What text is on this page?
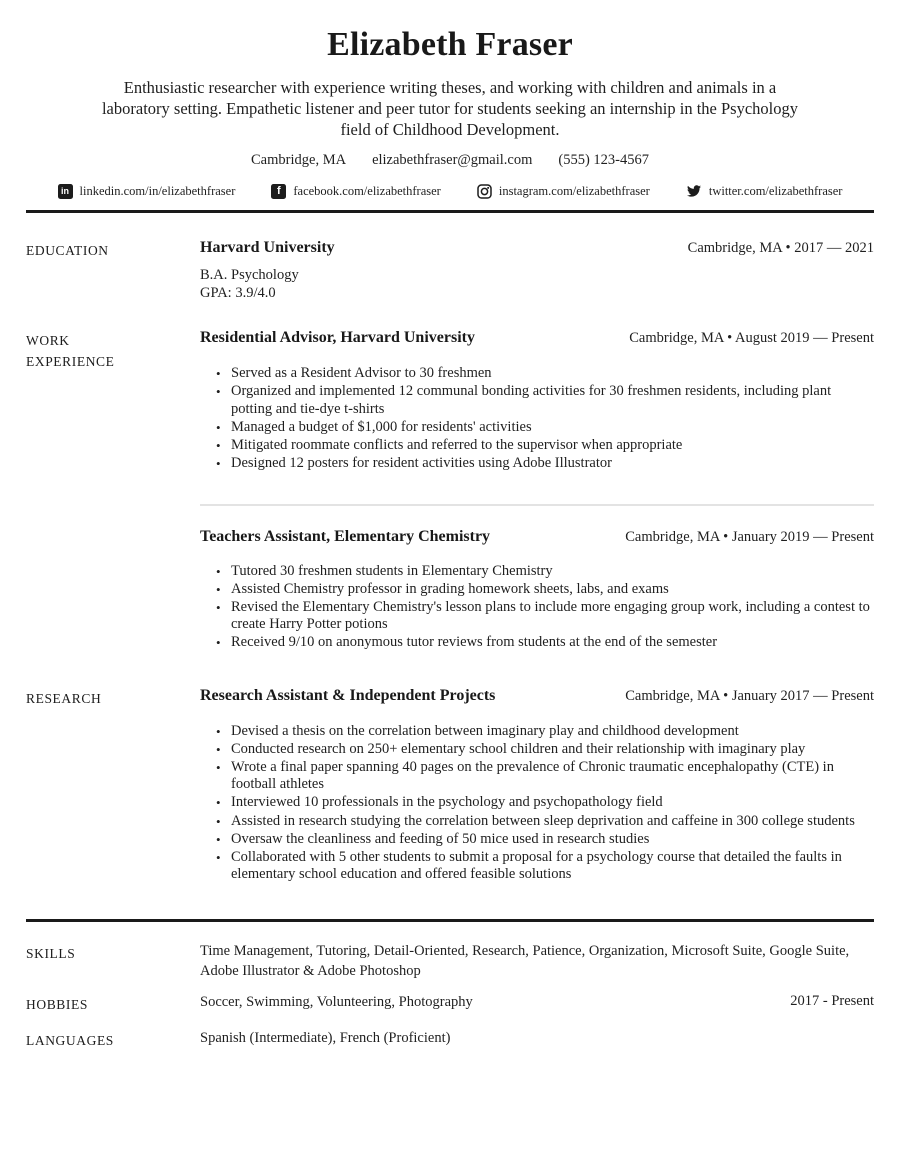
Elizabeth Fraser

Enthusiastic researcher with experience writing theses, and working with children and animals in a laboratory setting. Empathetic listener and peer tutor for students seeking an internship in the Psychology field of Childhood Development.

Cambridge, MA elizabethfraser@gmail.com (555) 123-4567
in linkedin.com/in/elizabethfraser	f	facebook.com/elizabethfraser	instagram.com/elizabethfraser	twitter.com/elizabethfraser
EDUCATION	Harvard University	Cambridge, MA • 2017 — 2021
B.A. Psychology
GPA: 3.9/4.0
WORK EXPERIENCE
Residential Advisor, Harvard University	Cambridge, MA • August 2019 — Present
• Served as a Resident Advisor to 30 freshmen
• Organized and implemented 12 communal bonding activities for 30 freshmen residents, including plant potting and tie-dye t-shirts
• Managed a budget of $1,000 for residents' activities
• Mitigated roommate conflicts and referred to the supervisor when appropriate
• Designed 12 posters for resident activities using Adobe Illustrator
Teachers Assistant, Elementary Chemistry	Cambridge, MA • January 2019 — Present
• Tutored 30 freshmen students in Elementary Chemistry
• Assisted Chemistry professor in grading homework sheets, labs, and exams
• Revised the Elementary Chemistry's lesson plans to include more engaging group work, including a contest to create Harry Potter potions
• Received 9/10 on anonymous tutor reviews from students at the end of the semester
RESEARCH	Research Assistant & Independent Projects	Cambridge, MA • January 2017 — Present
• Devised a thesis on the correlation between imaginary play and childhood development
• Conducted research on 250+ elementary school children and their relationship with imaginary play
• Wrote a final paper spanning 40 pages on the prevalence of Chronic traumatic encephalopathy (CTE) in football athletes
• Interviewed 10 professionals in the psychology and psychopathology field
• Assisted in research studying the correlation between sleep deprivation and caffeine in 300 college students
• Oversaw the cleanliness and feeding of 50 mice used in research studies
• Collaborated with 5 other students to submit a proposal for a psychology course that detailed the faults in elementary school education and offered feasible solutions
SKILLS	Time Management, Tutoring, Detail-Oriented, Research, Patience, Organization, Microsoft Suite, Google Suite, Adobe Illustrator & Adobe Photoshop
HOBBIES	Soccer, Swimming, Volunteering, Photography	2017 - Present
LANGUAGES	Spanish (Intermediate), French (Proficient)
